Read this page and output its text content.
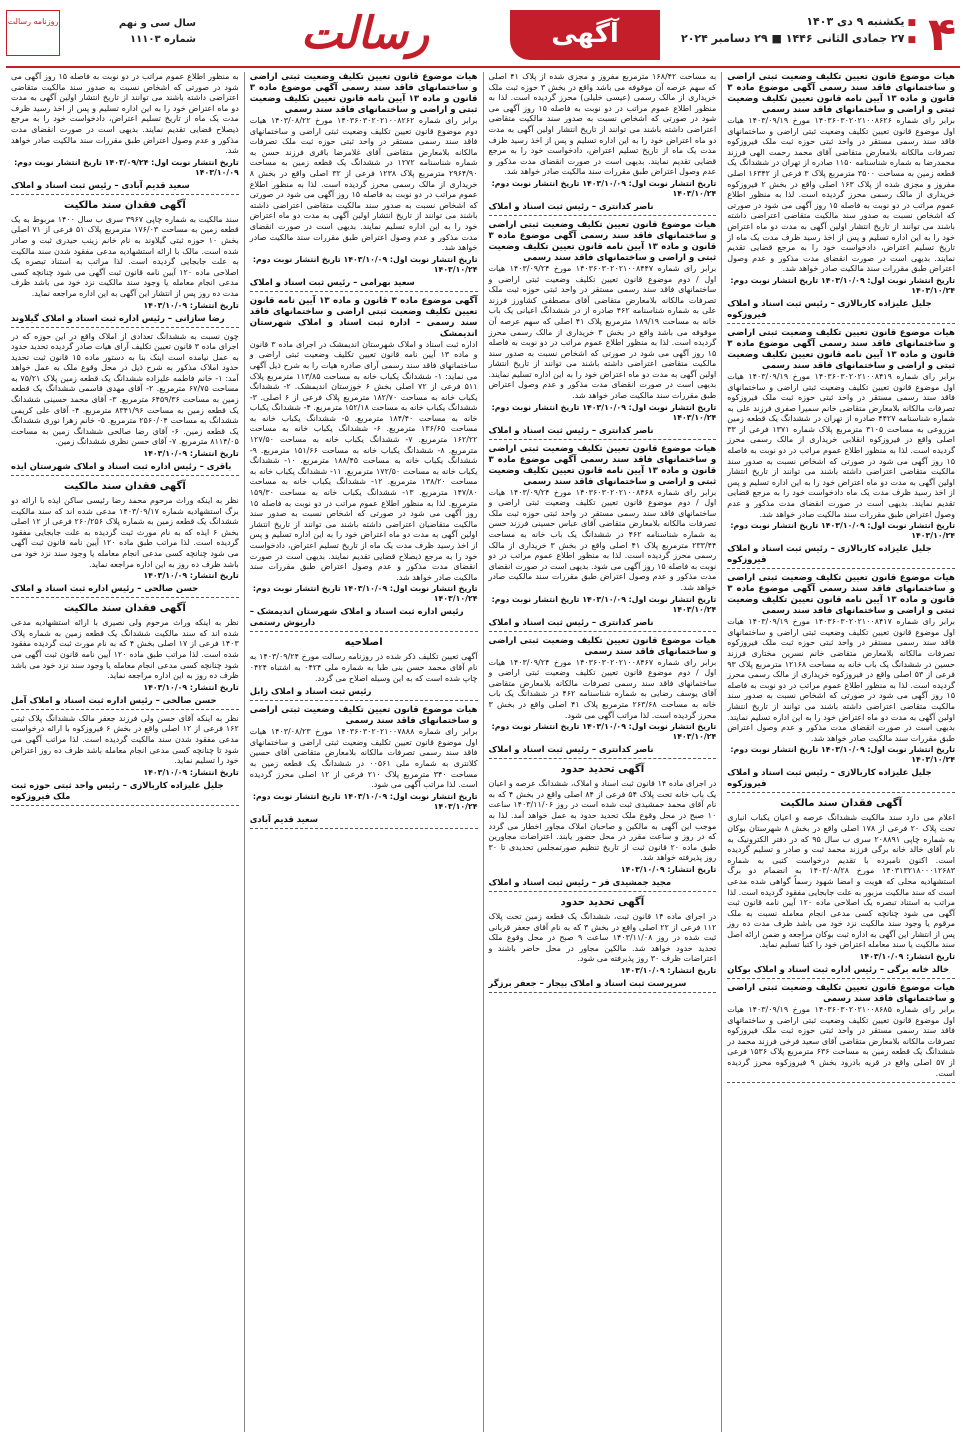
۴
■یکشنبه ۹ دی ۱۴۰۳
■۲۷ جمادی الثانی ۱۴۴۶ ■ ۲۹ دسامبر ۲۰۲۴
آگهی
رسالت
روزنامه رسالت	سال سی و نهم
شماره ۱۱۱۰۳
هیات موضوع قانون تعیین تکلیف وضعیت ثبتی اراضی و ساختمانهای فاقد سند رسمی آگهی موضوع ماده ۳ قانون و ماده ۱۳ آیین نامه قانون تعیین تکلیف وضعیت ثبتی و اراضی و ساختمانهای فاقد سند رسمی

برابر رای شماره ۱۴۰۳۶۰۳۰۲۰۲۱۰۰۸۶۲۶ مورخ ۱۴۰۳/۰۹/۱۹ هیات اول موضوع قانون تعیین تکلیف وضعیت ثبتی اراضی و ساختمانهای فاقد سند رسمی مستقر در واحد ثبتی حوزه ثبت ملک فیروزکوه تصرفات مالکانه بلامعارض متقاضی آقای محمد رحمت الهی فرزند محمدرضا به شماره شناسنامه ۱۱۵۰ صادره از تهران در ششدانگ یک قطعه زمین به مساحت ۳۵۰۰ مترمربع پلاک ۳ فرعی از ۱۶۳۴۲ اصلی مفروز و مجزی شده از پلاک ۱۶۳ اصلی واقع در بخش ۲ فیروزکوه خریداری از مالک رسمی محرز گردیده است. لذا به منظور اطلاع عموم مراتب در دو نوبت به فاصله ۱۵ روز آگهی می شود در صورتی که اشخاص نسبت به صدور سند مالکیت متقاضی اعتراضی داشته باشند می توانند از تاریخ انتشار اولین آگهی به مدت دو ماه اعتراض خود را به این اداره تسلیم و پس از اخذ رسید ظرف مدت یک ماه از تاریخ تسلیم اعتراض، دادخواست خود را به مرجع قضایی تقدیم نمایند. بدیهی است در صورت انقضای مدت مذکور و عدم وصول اعتراض طبق مقررات سند مالکیت صادر خواهد شد.

تاریخ انتشار نوبت اول: ۱۴۰۳/۱۰/۰۹ تاریخ انتشار نوبت دوم: ۱۴۰۳/۱۰/۲۴
جلیل علیزاده کاربالازی – رئیس ثبت اسناد و املاک فیروزکوه
هیات موضوع قانون تعیین تکلیف وضعیت ثبتی اراضی و ساختمانهای فاقد سند رسمی آگهی موضوع ماده ۳ قانون و ماده ۱۳ آیین نامه قانون تعیین تکلیف وضعیت ثبتی و اراضی و ساختمانهای فاقد سند رسمی

برابر رای شماره ۱۴۰۳۶۰۳۰۲۰۲۱۰۰۸۴۱۹ مورخ ۱۴۰۳/۰۹/۱۹ هیات اول موضوع قانون تعیین تکلیف وضعیت ثبتی اراضی و ساختمانهای فاقد سند رسمی مستقر در واحد ثبتی حوزه ثبت ملک فیروزکوه تصرفات مالکانه بلامعارض متقاضی خانم سمیرا صفری فرزند علی به شماره شناسنامه ۴۴۲۷ صادره از تهران در ششدانگ یک قطعه زمین مزروعی به مساحت ۳۱۰۵ مترمربع پلاک شماره ۱۳۷۱ فرعی از ۳۳ اصلی واقع در فیروزکوه انقلابی خریداری از مالک رسمی محرز گردیده است. لذا به منظور اطلاع عموم مراتب در دو نوبت به فاصله ۱۵ روز آگهی می شود در صورتی که اشخاص نسبت به صدور سند مالکیت متقاضی اعتراضی داشته باشند می توانند از تاریخ انتشار اولین آگهی به مدت دو ماه اعتراض خود را به این اداره تسلیم و پس از اخذ رسید ظرف مدت یک ماه دادخواست خود را به مرجع قضایی تقدیم نمایند. بدیهی است در صورت انقضای مدت مذکور و عدم وصول اعتراض طبق مقررات سند مالکیت صادر خواهد شد.

تاریخ انتشار نوبت اول: ۱۴۰۳/۱۰/۰۹ تاریخ انتشار نوبت دوم: ۱۴۰۳/۱۰/۲۴
جلیل علیزاده کاربالازی – رئیس ثبت اسناد و املاک فیروزکوه
هیات موضوع قانون تعیین تکلیف وضعیت ثبتی اراضی و ساختمانهای فاقد سند رسمی آگهی موضوع ماده ۳ قانون و ماده ۱۳ آیین نامه قانون تعیین تکلیف وضعیت ثبتی و اراضی و ساختمانهای فاقد سند رسمی

برابر رای شماره ۱۴۰۳۶۰۳۰۲۰۲۱۰۰۸۴۱۷ مورخ ۱۴۰۳/۰۹/۱۹ هیات اول موضوع قانون تعیین تکلیف وضعیت ثبتی اراضی و ساختمانهای فاقد سند رسمی مستقر در واحد ثبتی حوزه ثبت ملک فیروزکوه تصرفات مالکانه بلامعارض متقاضی خانم نسرین مختاری فرزند حسین در ششدانگ یک باب خانه به مساحت ۱۲۱۶۸ مترمربع پلاک ۹۳ فرعی از ۵۳ اصلی واقع در فیروزکوه خریداری از مالک رسمی محرز گردیده است. لذا به منظور اطلاع عموم مراتب در دو نوبت به فاصله ۱۵ روز آگهی می شود در صورتی که اشخاص نسبت به صدور سند مالکیت متقاضی اعتراضی داشته باشند می توانند از تاریخ انتشار اولین آگهی به مدت دو ماه اعتراض خود را به این اداره تسلیم نمایند. بدیهی است در صورت انقضای مدت مذکور و عدم وصول اعتراض طبق مقررات سند مالکیت صادر خواهد شد.

تاریخ انتشار نوبت اول: ۱۴۰۳/۱۰/۰۹ تاریخ انتشار نوبت دوم: ۱۴۰۳/۱۰/۲۴
جلیل علیزاده کاربالازی – رئیس ثبت اسناد و املاک فیروزکوه
آگهی فقدان سند مالکیت

اعلام می دارد سند مالکیت ششدانگ عرصه و اعیان یکباب انباری تحت پلاک ۲۰ فرعی از ۱۷۸ اصلی واقع در بخش ۸ شهرستان بوکان به شماره چاپی ۲۰۸۸۹۱ سری ب سال ۹۵ که در دفتر الکترونیک به نام آقای خالد خانه برگی فرزند محمد ثبت و صادر و تسلیم گردیده است. اکنون نامبرده با تقدیم درخواست کتبی به شماره ۱۴۰۳۱۳۲۱۸۰۰۰۱۲۶۸۳ مورخ ۱۴۰۳/۰۸/۲۸ به انضمام دو برگ استشهادیه محلی که هویت و امضا شهود رسماً گواهی شده مدعی است که سند مالکیت مزبور به علت جابجایی مفقود گردیده است. لذا مراتب به استناد تبصره یک اصلاحی ماده ۱۲۰ آیین نامه قانون ثبت آگهی می شود چنانچه کسی مدعی انجام معامله نسبت به ملک مرقوم یا وجود سند مالکیت نزد خود می باشد ظرف مدت ده روز پس از انتشار این آگهی به اداره ثبت بوکان مراجعه و ضمن ارائه اصل سند مالکیت یا سند معامله اعتراض خود را کتباً تسلیم نماید.

تاریخ انتشار: ۱۴۰۳/۱۰/۰۹
خالد خانه برگی – رئیس اداره ثبت اسناد و املاک بوکان
هیات موضوع قانون تعیین تکلیف وضعیت ثبتی اراضی و ساختمانهای فاقد سند رسمی

برابر رای شماره ۱۴۰۳۶۰۳۰۲۰۲۱۰۰۸۶۸۵ مورخ ۱۴۰۳/۰۹/۱۹ هیات اول موضوع قانون تعیین تکلیف وضعیت ثبتی اراضی و ساختمانهای فاقد سند رسمی مستقر در واحد ثبتی حوزه ثبت ملک فیروزکوه تصرفات مالکانه بلامعارض متقاضی آقای سعید فرخی فرزند محمد در ششدانگ یک قطعه زمین به مساحت ۶۳۶ مترمربع پلاک ۱۵۳۶ فرعی از ۵۷ اصلی واقع در قریه بادرود بخش ۹ فیروزکوه محرز گردیده است.

به مساحت ۱۶۸/۴۲ مترمربع مفروز و مجزی شده از پلاک ۴۱ اصلی که سهم عرصه آن موقوفه می باشد واقع در بخش ۳ حوزه ثبت ملک خریداری از مالک رسمی (عیسی خلیلی) محرز گردیده است. لذا به منظور اطلاع عموم مراتب در دو نوبت به فاصله ۱۵ روز آگهی می شود در صورتی که اشخاص نسبت به صدور سند مالکیت متقاضی اعتراضی داشته باشند می توانند از تاریخ انتشار اولین آگهی به مدت دو ماه اعتراض خود را به این اداره تسلیم و پس از اخذ رسید ظرف مدت یک ماه از تاریخ تسلیم اعتراض، دادخواست خود را به مرجع قضایی تقدیم نمایند. بدیهی است در صورت انقضای مدت مذکور و عدم وصول اعتراض طبق مقررات سند مالکیت صادر خواهد شد.

تاریخ انتشار نوبت اول: ۱۴۰۳/۱۰/۰۹ تاریخ انتشار نوبت دوم: ۱۴۰۳/۱۰/۲۴
ناصر کدانتری – رئیس ثبت اسناد و املاک
هیات موضوع قانون تعیین تکلیف وضعیت ثبتی اراضی و ساختمانهای فاقد سند رسمی آگهی موضوع ماده ۳ قانون و ماده ۱۳ آیین نامه قانون تعیین تکلیف وضعیت ثبتی و اراضی و ساختمانهای فاقد سند رسمی

برابر رای شماره ۱۴۰۳۶۰۳۰۲۰۲۱۰۰۸۴۴۷ مورخ ۱۴۰۳/۰۹/۲۴ هیات اول / دوم موضوع قانون تعیین تکلیف وضعیت ثبتی اراضی و ساختمانهای فاقد سند رسمی مستقر در واحد ثبتی حوزه ثبت ملک تصرفات مالکانه بلامعارض متقاضی آقای مصطفی کشاورز فرزند علی به شماره شناسنامه ۴۶۲ صادره از در ششدانگ اعیانی یک باب خانه به مساحت ۱۸۹/۱۹ مترمربع پلاک ۴۱ اصلی که سهم عرصه آن موقوفه می باشد واقع در بخش ۳ خریداری از مالک رسمی محرز گردیده است. لذا به منظور اطلاع عموم مراتب در دو نوبت به فاصله ۱۵ روز آگهی می شود در صورتی که اشخاص نسبت به صدور سند مالکیت متقاضی اعتراضی داشته باشند می توانند از تاریخ انتشار اولین آگهی به مدت دو ماه اعتراض خود را به این اداره تسلیم نمایند. بدیهی است در صورت انقضای مدت مذکور و عدم وصول اعتراض طبق مقررات سند مالکیت صادر خواهد شد.

تاریخ انتشار نوبت اول: ۱۴۰۳/۱۰/۰۹ تاریخ انتشار نوبت دوم: ۱۴۰۳/۱۰/۲۴
ناصر کدانتری – رئیس ثبت اسناد و املاک
هیات موضوع قانون تعیین تکلیف وضعیت ثبتی اراضی و ساختمانهای فاقد سند رسمی آگهی موضوع ماده ۳ قانون و ماده ۱۳ آیین نامه قانون تعیین تکلیف وضعیت ثبتی و اراضی و ساختمانهای فاقد سند رسمی

برابر رای شماره ۱۴۰۳۶۰۳۰۲۰۲۱۰۰۸۴۶۸ مورخ ۱۴۰۳/۰۹/۲۴ هیات اول / دوم موضوع قانون تعیین تکلیف وضعیت ثبتی اراضی و ساختمانهای فاقد سند رسمی مستقر در واحد ثبتی حوزه ثبت ملک تصرفات مالکانه بلامعارض متقاضی آقای عباس حسینی فرزند حسن به شماره شناسنامه ۴۶۲ در ششدانگ یک باب خانه به مساحت ۲۳۳/۴۴ مترمربع پلاک ۴۱ اصلی واقع در بخش ۳ خریداری از مالک رسمی محرز گردیده است. لذا به منظور اطلاع عموم مراتب در دو نوبت به فاصله ۱۵ روز آگهی می شود. بدیهی است در صورت انقضای مدت مذکور و عدم وصول اعتراض طبق مقررات سند مالکیت صادر خواهد شد.

تاریخ انتشار نوبت اول: ۱۴۰۳/۱۰/۰۹ تاریخ انتشار نوبت دوم: ۱۴۰۳/۱۰/۲۴
ناصر کدانتری – رئیس ثبت اسناد و املاک
هیات موضوع قانون تعیین تکلیف وضعیت ثبتی اراضی و ساختمانهای فاقد سند رسمی

برابر رای شماره ۱۴۰۳۶۰۳۰۲۰۲۱۰۰۸۴۶۷ مورخ ۱۴۰۳/۰۹/۲۴ هیات اول / دوم موضوع قانون تعیین تکلیف وضعیت ثبتی اراضی و ساختمانهای فاقد سند رسمی تصرفات مالکانه بلامعارض متقاضی آقای یوسف رضایی به شماره شناسنامه ۴۶۲ در ششدانگ یک باب خانه به مساحت ۲۶۳/۶۸ مترمربع پلاک ۴۱ اصلی واقع در بخش ۳ محرز گردیده است. لذا مراتب آگهی می شود.

تاریخ انتشار نوبت اول: ۱۴۰۳/۱۰/۰۹ تاریخ انتشار نوبت دوم: ۱۴۰۳/۱۰/۲۴
ناصر کدانتری – رئیس ثبت اسناد و املاک
آگهی تحدید حدود

در اجرای ماده ۱۴ قانون ثبت اسناد و املاک، ششدانگ عرصه و اعیان یک باب خانه تحت پلاک ۵۴ فرعی از ۸۴ اصلی واقع در بخش ۴ که به نام آقای محمد جمشیدی ثبت شده است در روز ۱۴۰۳/۱۱/۰۶ ساعت ۱۰ صبح در محل وقوع ملک تحدید حدود به عمل خواهد آمد. لذا به موجب این آگهی به مالکین و صاحبان املاک مجاور اخطار می گردد که در روز و ساعت مقرر در محل حضور یابند. اعتراضات مجاورین طبق ماده ۲۰ قانون ثبت از تاریخ تنظیم صورتمجلس تحدیدی تا ۳۰ روز پذیرفته خواهد شد.

تاریخ انتشار: ۱۴۰۳/۱۰/۰۹
مجید جمشیدی فر – رئیس ثبت اسناد و املاک
آگهی تحدید حدود

در اجرای ماده ۱۴ قانون ثبت، ششدانگ یک قطعه زمین تحت پلاک ۱۱۲ فرعی از ۲۲ اصلی واقع در بخش ۳ که به نام آقای جعفر قربانی ثبت شده در روز ۱۴۰۳/۱۱/۰۸ ساعت ۹ صبح در محل وقوع ملک تحدید حدود خواهد شد. مالکین مجاور در محل حاضر باشند و اعتراضات ظرف ۳۰ روز پذیرفته می شود.

تاریخ انتشار: ۱۴۰۳/۱۰/۰۹
سرپرست ثبت اسناد و املاک بیجار – جعفر برزگر
هیات موضوع قانون تعیین تکلیف وضعیت ثبتی اراضی و ساختمانهای فاقد سند رسمی آگهی موضوع ماده ۳ قانون و ماده ۱۳ آیین نامه قانون تعیین تکلیف وضعیت ثبتی و اراضی و ساختمانهای فاقد سند رسمی

برابر رای شماره ۱۴۰۳۶۰۳۰۲۰۲۱۰۰۸۲۶۲ مورخ ۱۴۰۳/۰۸/۲۲ هیات دوم موضوع قانون تعیین تکلیف وضعیت ثبتی اراضی و ساختمانهای فاقد سند رسمی مستقر در واحد ثبتی حوزه ثبت ملک تصرفات مالکانه بلامعارض متقاضی آقای غلامرضا باقری فرزند حسن به شماره شناسنامه ۱۲۷۲ در ششدانگ یک قطعه زمین به مساحت ۲۹۶۴/۹۰ مترمربع پلاک ۱۲۳۸ فرعی از ۳۲ اصلی واقع در بخش ۸ خریداری از مالک رسمی محرز گردیده است. لذا به منظور اطلاع عموم مراتب در دو نوبت به فاصله ۱۵ روز آگهی می شود در صورتی که اشخاص نسبت به صدور سند مالکیت متقاضی اعتراضی داشته باشند می توانند از تاریخ انتشار اولین آگهی به مدت دو ماه اعتراض خود را به این اداره تسلیم نمایند. بدیهی است در صورت انقضای مدت مذکور و عدم وصول اعتراض طبق مقررات سند مالکیت صادر خواهد شد.

تاریخ انتشار نوبت اول: ۱۴۰۳/۱۰/۰۹ تاریخ انتشار نوبت دوم: ۱۴۰۳/۱۰/۲۴
سعید بهرامی – رئیس ثبت اسناد و املاک
آگهی موضوع ماده ۳ قانون و ماده ۱۳ آیین نامه قانون تعیین تکلیف وضعیت ثبتی اراضی و ساختمانهای فاقد سند رسمی – اداره ثبت اسناد و املاک شهرستان اندیمشک

اداره ثبت اسناد و املاک شهرستان اندیمشک در اجرای ماده ۳ قانون و ماده ۱۳ آیین نامه قانون تعیین تکلیف وضعیت ثبتی اراضی و ساختمانهای فاقد سند رسمی آرای صادره هیات را به شرح ذیل آگهی می نماید: ۱- ششدانگ یکباب خانه به مساحت ۱۱۳/۸۵ مترمربع پلاک ۵۱۱ فرعی از ۷۲ اصلی بخش ۶ خوزستان اندیمشک. ۲- ششدانگ یکباب خانه به مساحت ۱۸۲/۷۰ مترمربع پلاک فرعی از ۶ اصلی. ۳- ششدانگ یکباب خانه به مساحت ۱۵۲/۱۸ مترمربع. ۴- ششدانگ یکباب خانه به مساحت ۱۸۴/۴۰ مترمربع. ۵- ششدانگ یکباب خانه به مساحت ۱۳۶/۶۵ مترمربع. ۶- ششدانگ یکباب خانه به مساحت ۱۶۲/۲۲ مترمربع. ۷- ششدانگ یکباب خانه به مساحت ۱۲۷/۵۰ مترمربع. ۸- ششدانگ یکباب خانه به مساحت ۱۵۱/۶۶ مترمربع. ۹- ششدانگ یکباب خانه به مساحت ۱۸۸/۴۵ مترمربع. ۱۰- ششدانگ یکباب خانه به مساحت ۱۷۲/۵۰ مترمربع. ۱۱- ششدانگ یکباب خانه به مساحت ۱۳۸/۲۰ مترمربع. ۱۲- ششدانگ یکباب خانه به مساحت ۱۴۷/۸۰ مترمربع. ۱۳- ششدانگ یکباب خانه به مساحت ۱۵۹/۳۰ مترمربع. لذا به منظور اطلاع عموم مراتب در دو نوبت به فاصله ۱۵ روز آگهی می شود در صورتی که اشخاص نسبت به صدور سند مالکیت متقاضیان اعتراضی داشته باشند می توانند از تاریخ انتشار اولین آگهی به مدت دو ماه اعتراض خود را به این اداره تسلیم و پس از اخذ رسید ظرف مدت یک ماه از تاریخ تسلیم اعتراض، دادخواست خود را به مرجع ذیصلاح قضایی تقدیم نمایند. بدیهی است در صورت انقضای مدت مذکور و عدم وصول اعتراض طبق مقررات سند مالکیت صادر خواهد شد.

تاریخ انتشار نوبت اول: ۱۴۰۳/۱۰/۰۹ تاریخ انتشار نوبت دوم: ۱۴۰۳/۱۰/۲۴
رئیس اداره ثبت اسناد و املاک شهرستان اندیمشک – داریوش رستمی
اصلاحیه

آگهی تعیین تکلیف ذکر شده در روزنامه رسالت مورخ ۱۴۰۳/۰۹/۲۴ به نام آقای محمد حسن بنی طبا به شماره ملی ۰۴۲۴ به اشتباه ۰۴۲۴ چاپ شده است که به این وسیله اصلاح می گردد.

رئیس ثبت اسناد و املاک زابل
هیات موضوع قانون تعیین تکلیف وضعیت ثبتی اراضی و ساختمانهای فاقد سند رسمی

برابر رای شماره ۱۴۰۳۶۰۳۰۲۰۲۱۰۰۷۸۸۸ مورخ ۱۴۰۳/۰۸/۲۳ هیات اول موضوع قانون تعیین تکلیف وضعیت ثبتی اراضی و ساختمانهای فاقد سند رسمی تصرفات مالکانه بلامعارض متقاضی آقای حسین کلانتری به شماره ملی ۰۰۵۶۱ در ششدانگ یک قطعه زمین به مساحت ۳۴۰ مترمربع پلاک ۲۱۰ فرعی از ۱۲ اصلی محرز گردیده است. لذا مراتب آگهی می شود.

تاریخ انتشار نوبت اول: ۱۴۰۳/۱۰/۰۹ تاریخ انتشار نوبت دوم: ۱۴۰۳/۱۰/۲۴
سعید قدیم آبادی

به منظور اطلاع عموم مراتب در دو نوبت به فاصله ۱۵ روز آگهی می شود در صورتی که اشخاص نسبت به صدور سند مالکیت متقاضی اعتراضی داشته باشند می توانند از تاریخ انتشار اولین آگهی به مدت دو ماه اعتراض خود را به این اداره تسلیم و پس از اخذ رسید ظرف مدت یک ماه از تاریخ تسلیم اعتراض، دادخواست خود را به مرجع ذیصلاح قضایی تقدیم نمایند. بدیهی است در صورت انقضای مدت مذکور و عدم وصول اعتراض طبق مقررات سند مالکیت صادر خواهد شد.

تاریخ انتشار نوبت اول: ۱۴۰۳/۰۹/۲۴ تاریخ انتشار نوبت دوم: ۱۴۰۳/۱۰/۰۹
سعید قدیم آبادی – رئیس ثبت اسناد و املاک
آگهی فقدان سند مالکیت

سند مالکیت به شماره چاپی ۳۹۶۷ سری ب سال ۱۴۰۰ مربوط به یک قطعه زمین به مساحت ۱۷۶/۰۳ مترمربع پلاک ۵۱ فرعی از ۷۱ اصلی بخش ۱۰ حوزه ثبتی گیلاوند به نام خانم زینب حیدری ثبت و صادر شده است. مالک با ارائه استشهادیه مدعی مفقود شدن سند مالکیت به علت جابجایی گردیده است. لذا مراتب به استناد تبصره یک اصلاحی ماده ۱۲۰ آیین نامه قانون ثبت آگهی می شود چنانچه کسی مدعی انجام معامله یا وجود سند مالکیت نزد خود می باشد ظرف مدت ده روز پس از انتشار این آگهی به این اداره مراجعه نماید.

تاریخ انتشار: ۱۴۰۳/۱۰/۰۹
رضا سازانی – رئیس اداره ثبت اسناد و املاک گیلاوند

چون نسبت به ششدانگ تعدادی از املاک واقع در این حوزه که در اجرای ماده ۳ قانون تعیین تکلیف آرای هیات صادر گردیده تحدید حدود به عمل نیامده است اینک بنا به دستور ماده ۱۵ قانون ثبت تحدید حدود املاک مذکور به شرح ذیل در محل وقوع ملک به عمل خواهد آمد: ۱- خانم فاطمه علیزاده ششدانگ یک قطعه زمین پلاک ۷۵/۲۱ به مساحت ۶۷/۷۵ مترمربع. ۲- آقای مهدی قاسمی ششدانگ یک قطعه زمین به مساحت ۶۴۵۹/۳۶ مترمربع. ۳- آقای محمد حسینی ششدانگ یک قطعه زمین به مساحت ۸۳۴۱/۹۶ مترمربع. ۴- آقای علی کریمی ششدانگ به مساحت ۲۵۶۰/۰۴ مترمربع. ۵- خانم زهرا نوری ششدانگ یک قطعه زمین. ۶- آقای رضا صالحی ششدانگ زمین به مساحت ۸۱۱۴/۰۵ مترمربع. ۷- آقای حسن نظری ششدانگ زمین.

تاریخ انتشار: ۱۴۰۳/۱۰/۰۹
باقری – رئیس اداره ثبت اسناد و املاک شهرستان ایذه
آگهی فقدان سند مالکیت

نظر به اینکه وراث مرحوم محمد رضا رئیسی ساکن ایذه با ارائه دو برگ استشهادیه شماره ۱۴۰۳/۰۹/۱۷ مدعی شده اند که سند مالکیت ششدانگ یک قطعه زمین به شماره پلاک ۲۶۰/۲۵۶ فرعی از ۱۲ اصلی بخش ۶ ایذه که به نام مورث ثبت گردیده به علت جابجایی مفقود گردیده است. لذا مراتب طبق ماده ۱۲۰ آیین نامه قانون ثبت آگهی می شود چنانچه کسی مدعی انجام معامله یا وجود سند نزد خود می باشد ظرف ده روز به این اداره مراجعه نماید.

تاریخ انتشار: ۱۴۰۳/۱۰/۰۹
حسن صالحی – رئیس اداره ثبت اسناد و املاک
آگهی فقدان سند مالکیت

نظر به اینکه وراث مرحوم ولی نصیری با ارائه استشهادیه مدعی شده اند که سند مالکیت ششدانگ یک قطعه زمین به شماره پلاک ۱۴۰۳ فرعی از ۱۷ اصلی بخش ۴ که به نام مورث ثبت گردیده مفقود شده است. لذا مراتب طبق ماده ۱۲۰ آیین نامه قانون ثبت آگهی می شود چنانچه کسی مدعی انجام معامله یا وجود سند نزد خود می باشد ظرف ده روز به این اداره مراجعه نماید.

تاریخ انتشار: ۱۴۰۳/۱۰/۰۹
حسن صالحی – رئیس اداره ثبت اسناد و املاک آمل

نظر به اینکه آقای حسن ولی فرزند جعفر مالک ششدانگ پلاک ثبتی ۱۶۲ فرعی از ۱۲ اصلی واقع در بخش ۶ فیروزکوه با ارائه درخواست مدعی مفقود شدن سند مالکیت گردیده است. لذا مراتب آگهی می شود تا چنانچه کسی مدعی انجام معامله باشد ظرف ده روز اعتراض خود را تسلیم نماید.

تاریخ انتشار: ۱۴۰۳/۱۰/۰۹
جلیل علیزاده کاربالازی – رئیس واحد ثبتی حوزه ثبت ملک فیروزکوه
